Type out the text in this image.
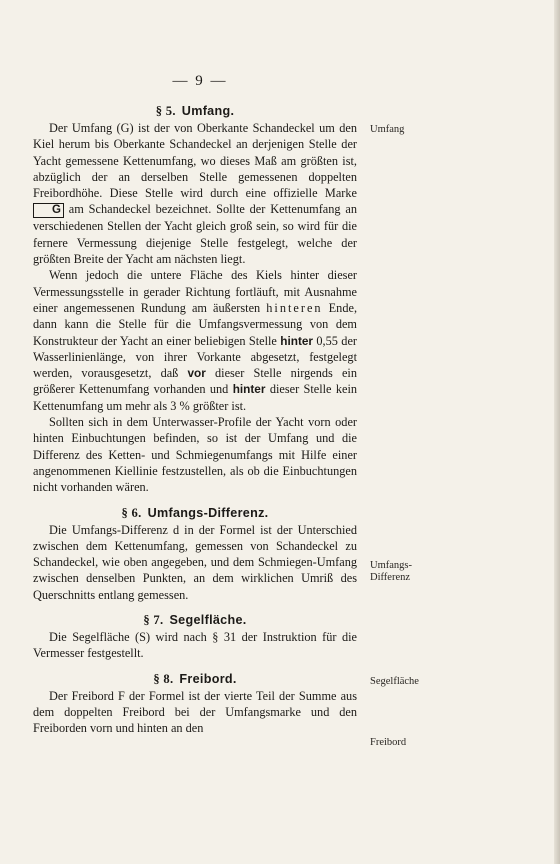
— 9 —
Umfang
Umfangs-
Differenz
Segelfläche
Freibord
§ 5. Umfang.

Der Umfang (G) ist der von Oberkante Schandeckel um den Kiel herum bis Oberkante Schandeckel an derjenigen Stelle der Yacht gemessene Kettenumfang, wo dieses Maß am größten ist, abzüglich der an derselben Stelle gemessenen doppelten Freibordhöhe. Diese Stelle wird durch eine offizielle Marke G am Schandeckel bezeichnet. Sollte der Kettenumfang an verschiedenen Stellen der Yacht gleich groß sein, so wird für die fernere Vermessung diejenige Stelle festgelegt, welche der größten Breite der Yacht am nächsten liegt.

Wenn jedoch die untere Fläche des Kiels hinter dieser Vermessungsstelle in gerader Richtung fortläuft, mit Ausnahme einer angemessenen Rundung am äußersten hinteren Ende, dann kann die Stelle für die Umfangsvermessung von dem Konstrukteur der Yacht an einer beliebigen Stelle hinter 0,55 der Wasserlinienlänge, von ihrer Vorkante abgesetzt, festgelegt werden, vorausgesetzt, daß vor dieser Stelle nirgends ein größerer Kettenumfang vorhanden und hinter dieser Stelle kein Kettenumfang um mehr als 3 % größter ist.

Sollten sich in dem Unterwasser-Profile der Yacht vorn oder hinten Einbuchtungen befinden, so ist der Umfang und die Differenz des Ketten- und Schmiegenumfangs mit Hilfe einer angenommenen Kiellinie festzustellen, als ob die Einbuchtungen nicht vorhanden wären.

§ 6. Umfangs-Differenz.

Die Umfangs-Differenz d in der Formel ist der Unterschied zwischen dem Kettenumfang, gemessen von Schandeckel zu Schandeckel, wie oben angegeben, und dem Schmiegen-Umfang zwischen denselben Punkten, an dem wirklichen Umriß des Querschnitts entlang gemessen.

§ 7. Segelfläche.

Die Segelfläche (S) wird nach § 31 der Instruktion für die Vermesser festgestellt.

§ 8. Freibord.

Der Freibord F der Formel ist der vierte Teil der Summe aus dem doppelten Freibord bei der Umfangsmarke und den Freiborden vorn und hinten an den
